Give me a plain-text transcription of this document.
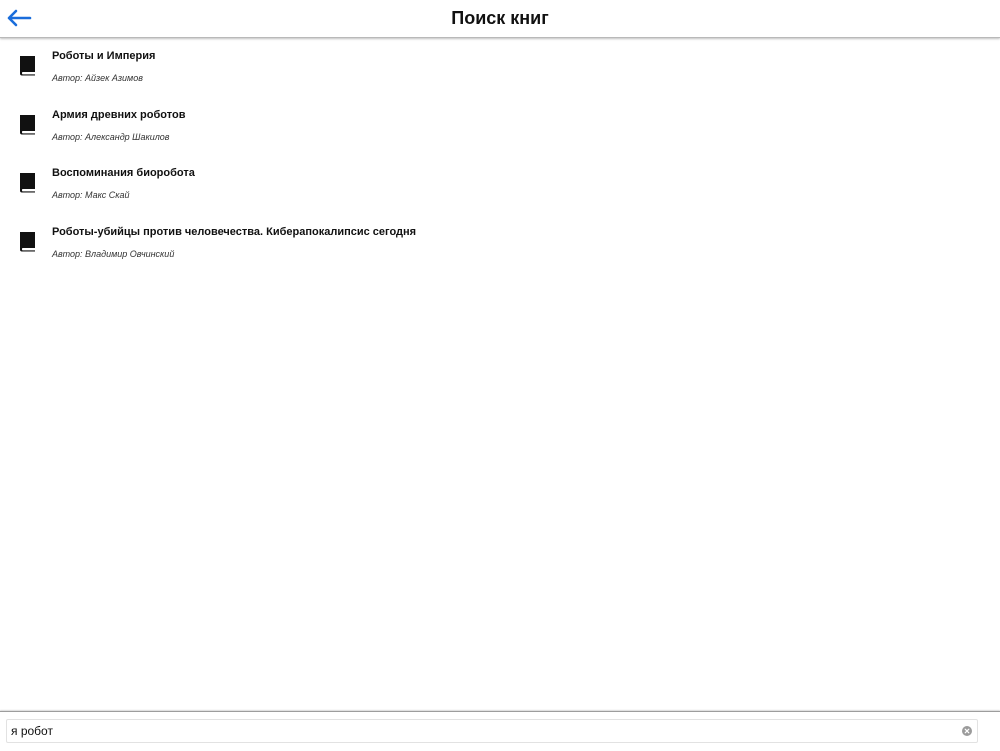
Поиск книг
Роботы и Империя
Автор: Айзек Азимов
Армия древних роботов
Автор: Александр Шакилов
Воспоминания биоробота
Автор: Макс Скай
Роботы-убийцы против человечества. Киберапокалипсис сегодня
Автор: Владимир Овчинский
я робот
